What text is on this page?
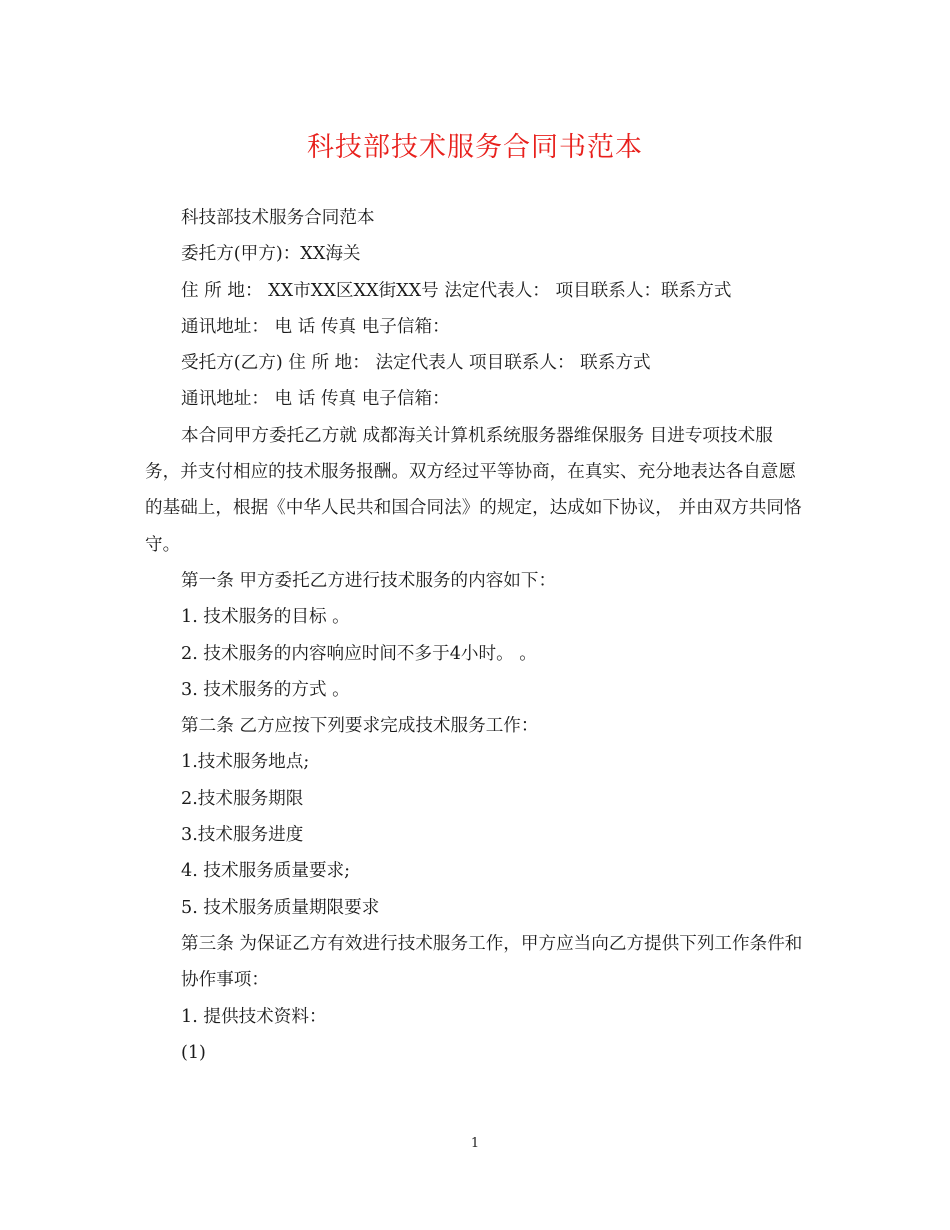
科技部技术服务合同书范本

科技部技术服务合同范本

委托方(甲方)：XX海关

住 所 地： XX市XX区XX街XX号 法定代表人： 项目联系人：联系方式

通讯地址： 电 话 传真 电子信箱：

受托方(乙方) 住 所 地： 法定代表人 项目联系人： 联系方式

通讯地址： 电 话 传真 电子信箱：

本合同甲方委托乙方就 成都海关计算机系统服务器维保服务 目进专项技术服务，并支付相应的技术服务报酬。双方经过平等协商，在真实、充分地表达各自意愿的基础上，根据《中华人民共和国合同法》的规定，达成如下协议， 并由双方共同恪守。

第一条 甲方委托乙方进行技术服务的内容如下：

1. 技术服务的目标 。

2. 技术服务的内容响应时间不多于4小时。 。

3. 技术服务的方式 。

第二条 乙方应按下列要求完成技术服务工作：

1.技术服务地点;

2.技术服务期限

3.技术服务进度

4. 技术服务质量要求;

5. 技术服务质量期限要求

第三条 为保证乙方有效进行技术服务工作，甲方应当向乙方提供下列工作条件和

协作事项：

1. 提供技术资料：

(1)

1
